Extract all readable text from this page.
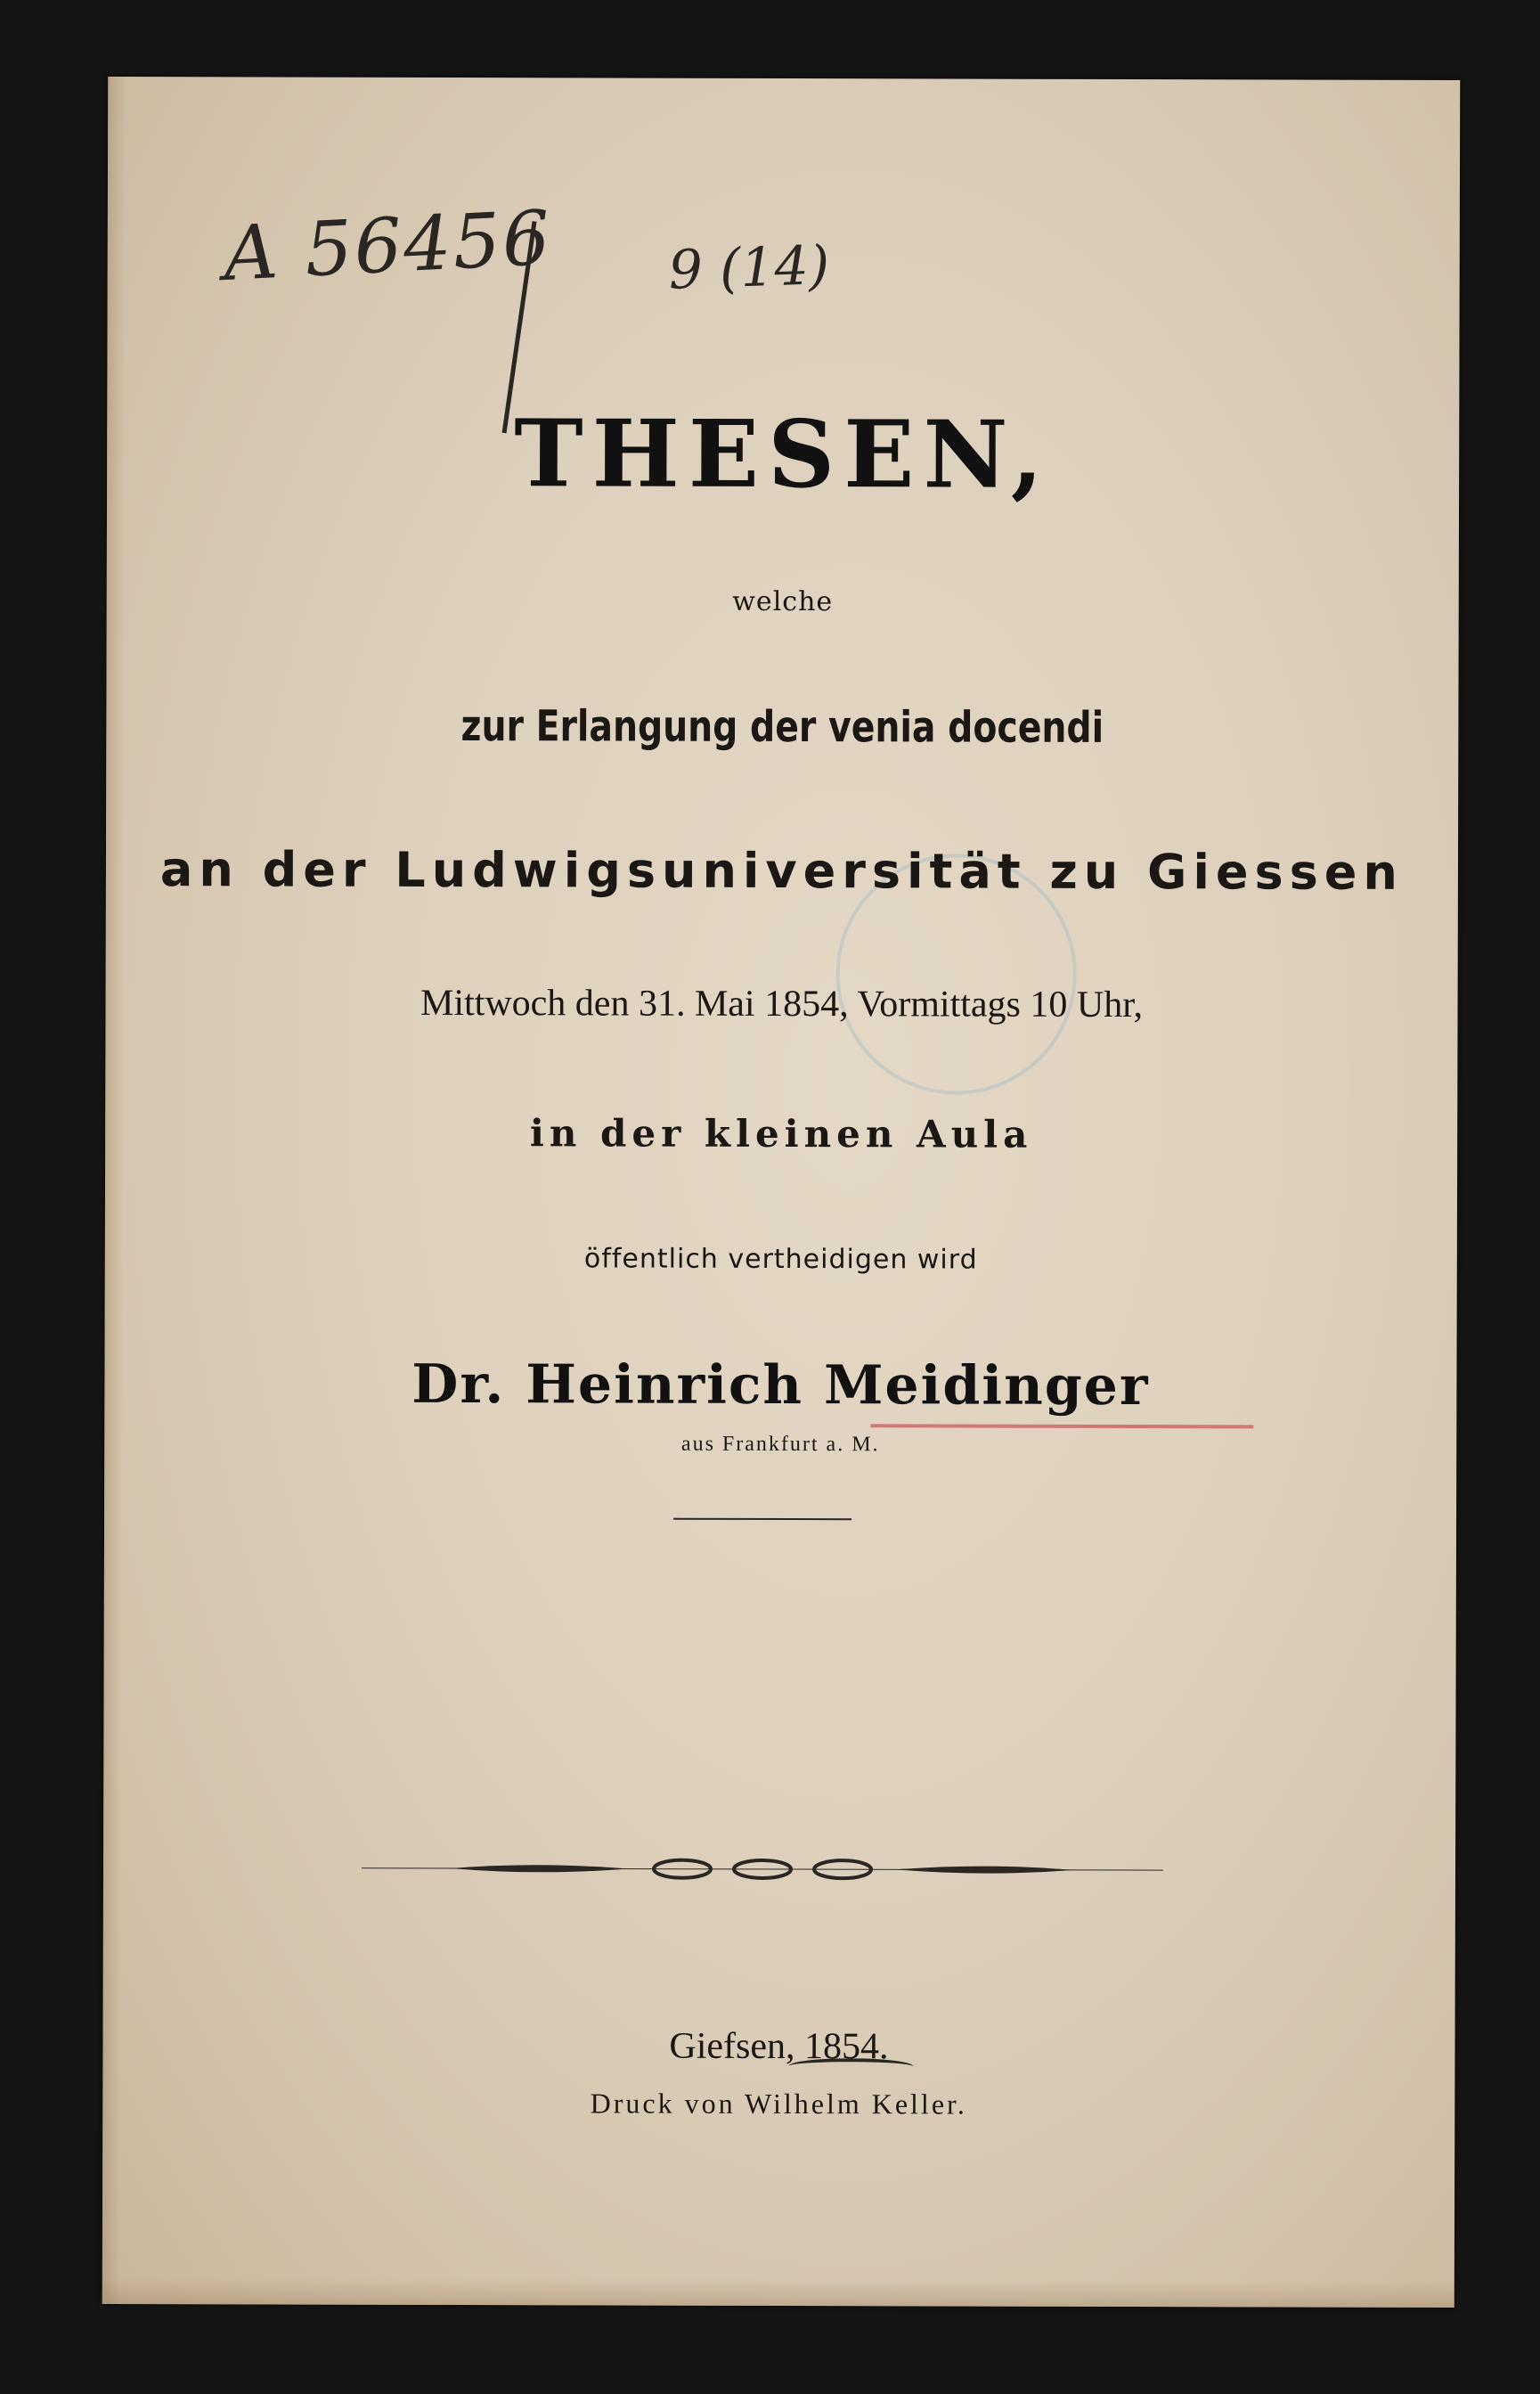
A 56456 9 (14)
THESEN,
welche
zur Erlangung der venia docendi
an der Ludwigsuniversität zu Giessen
Mittwoch den 31. Mai 1854, Vormittags 10 Uhr,
in der kleinen Aula
öffentlich vertheidigen wird
Dr. Heinrich Meidinger
aus Frankfurt a. M.
Giefsen, 1854.
Druck von Wilhelm Keller.
